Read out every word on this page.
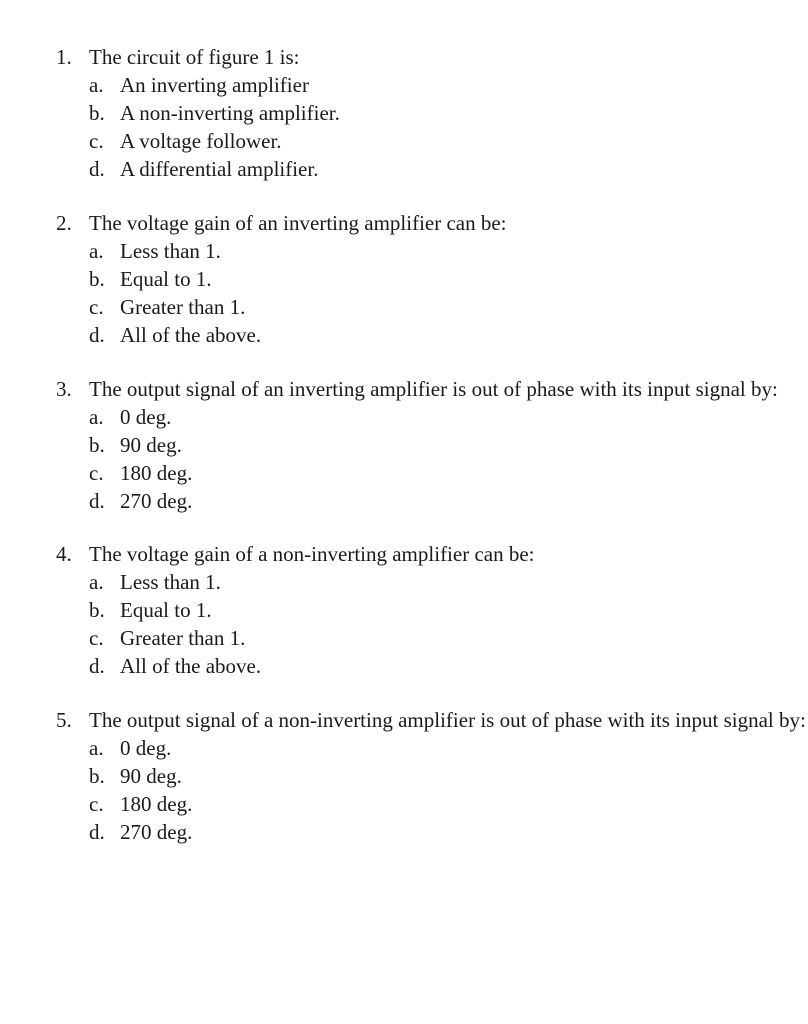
1. The circuit of figure 1 is:
a. An inverting amplifier
b. A non-inverting amplifier.
c. A voltage follower.
d. A differential amplifier.
2. The voltage gain of an inverting amplifier can be:
a. Less than 1.
b. Equal to 1.
c. Greater than 1.
d. All of the above.
3. The output signal of an inverting amplifier is out of phase with its input signal by:
a. 0 deg.
b. 90 deg.
c. 180 deg.
d. 270 deg.
4. The voltage gain of a non-inverting amplifier can be:
a. Less than 1.
b. Equal to 1.
c. Greater than 1.
d. All of the above.
5. The output signal of a non-inverting amplifier is out of phase with its input signal by:
a. 0 deg.
b. 90 deg.
c. 180 deg.
d. 270 deg.
